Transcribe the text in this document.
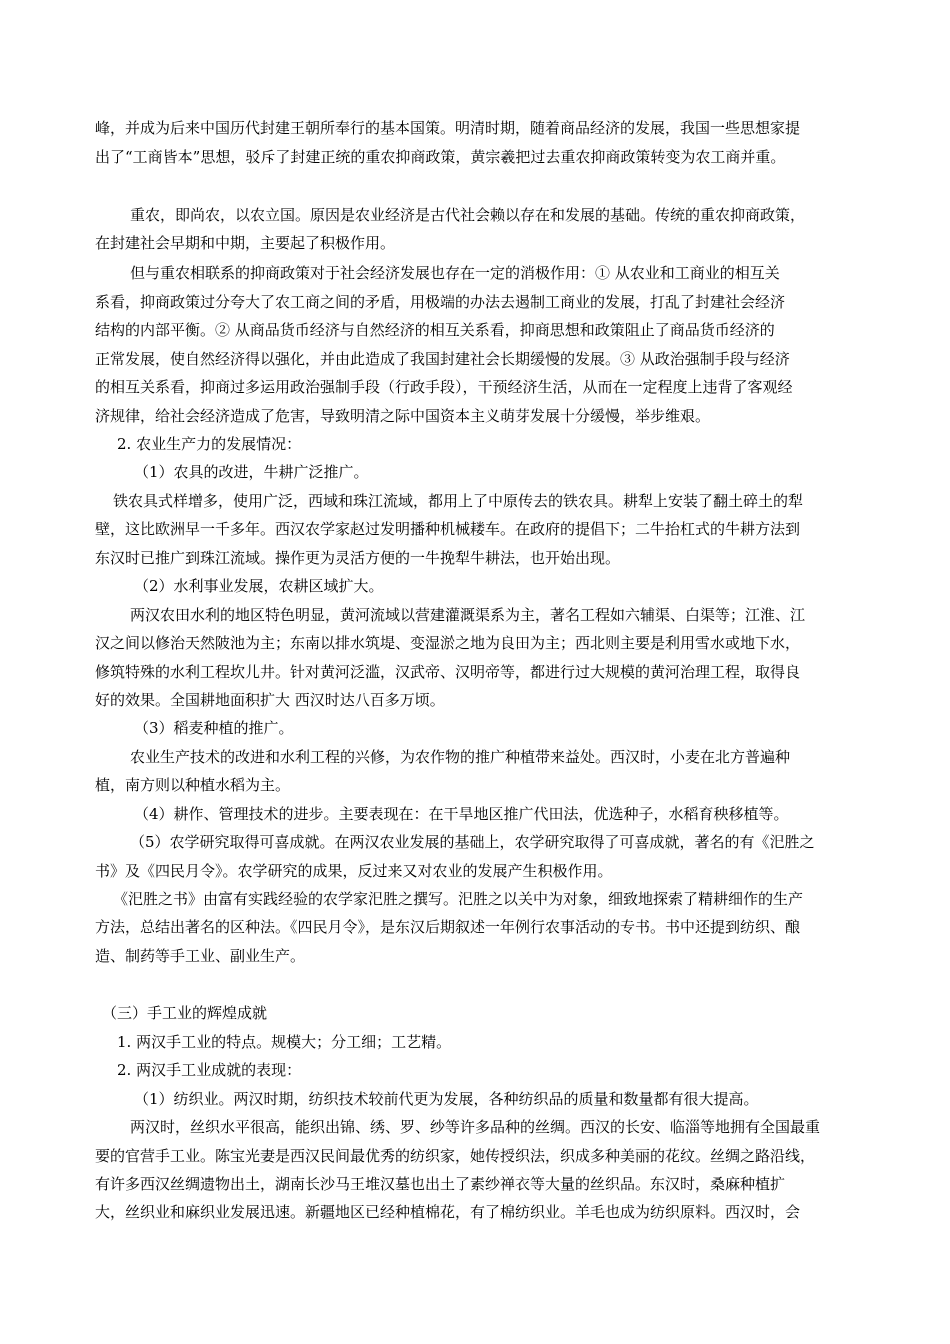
峰，并成为后来中国历代封建王朝所奉行的基本国策。明清时期，随着商品经济的发展，我国一些思想家提
出了“工商皆本”思想，驳斥了封建正统的重农抑商政策，黄宗羲把过去重农抑商政策转变为农工商并重。
重农，即尚农，以农立国。原因是农业经济是古代社会赖以存在和发展的基础。传统的重农抑商政策，
在封建社会早期和中期，主要起了积极作用。
但与重农相联系的抑商政策对于社会经济发展也存在一定的消极作用：① 从农业和工商业的相互关
系看，抑商政策过分夸大了农工商之间的矛盾，用极端的办法去遏制工商业的发展，打乱了封建社会经济
结构的内部平衡。② 从商品货币经济与自然经济的相互关系看，抑商思想和政策阻止了商品货币经济的
正常发展，使自然经济得以强化，并由此造成了我国封建社会长期缓慢的发展。③ 从政治强制手段与经济
的相互关系看，抑商过多运用政治强制手段（行政手段），干预经济生活，从而在一定程度上违背了客观经
济规律，给社会经济造成了危害，导致明清之际中国资本主义萌芽发展十分缓慢，举步维艰。
2. 农业生产力的发展情况：
（1）农具的改进，牛耕广泛推广。
铁农具式样增多，使用广泛，西域和珠江流域，都用上了中原传去的铁农具。耕犁上安装了翻土碎土的犁
壁，这比欧洲早一千多年。西汉农学家赵过发明播种机械耧车。在政府的提倡下；二牛抬杠式的牛耕方法到
东汉时已推广到珠江流域。操作更为灵活方便的一牛挽犁牛耕法，也开始出现。
（2）水利事业发展，农耕区域扩大。
两汉农田水利的地区特色明显，黄河流域以营建灌溉渠系为主，著名工程如六辅渠、白渠等；江淮、江
汉之间以修治天然陂池为主；东南以排水筑堤、变湿淤之地为良田为主；西北则主要是利用雪水或地下水，
修筑特殊的水利工程坎儿井。针对黄河泛滥，汉武帝、汉明帝等，都进行过大规模的黄河治理工程，取得良
好的效果。全国耕地面积扩大 西汉时达八百多万顷。
（3）稻麦种植的推广。
农业生产技术的改进和水利工程的兴修，为农作物的推广种植带来益处。西汉时，小麦在北方普遍种
植，南方则以种植水稻为主。
（4）耕作、管理技术的进步。主要表现在：在干旱地区推广代田法，优选种子，水稻育秧移植等。
（5）农学研究取得可喜成就。在两汉农业发展的基础上，农学研究取得了可喜成就，著名的有《汜胜之
书》及《四民月令》。农学研究的成果，反过来又对农业的发展产生积极作用。
《汜胜之书》由富有实践经验的农学家汜胜之撰写。汜胜之以关中为对象，细致地探索了精耕细作的生产
方法，总结出著名的区种法。《四民月令》，是东汉后期叙述一年例行农事活动的专书。书中还提到纺织、酿
造、制药等手工业、副业生产。
（三）手工业的辉煌成就
1. 两汉手工业的特点。规模大；分工细；工艺精。
2. 两汉手工业成就的表现：
（1）纺织业。两汉时期，纺织技术较前代更为发展，各种纺织品的质量和数量都有很大提高。
两汉时，丝织水平很高，能织出锦、绣、罗、纱等许多品种的丝绸。西汉的长安、临淄等地拥有全国最重
要的官营手工业。陈宝光妻是西汉民间最优秀的纺织家，她传授织法，织成多种美丽的花纹。丝绸之路沿线，
有许多西汉丝绸遗物出土，湖南长沙马王堆汉墓也出土了素纱禅衣等大量的丝织品。东汉时，桑麻种植扩
大，丝织业和麻织业发展迅速。新疆地区已经种植棉花，有了棉纺织业。羊毛也成为纺织原料。西汉时，会
